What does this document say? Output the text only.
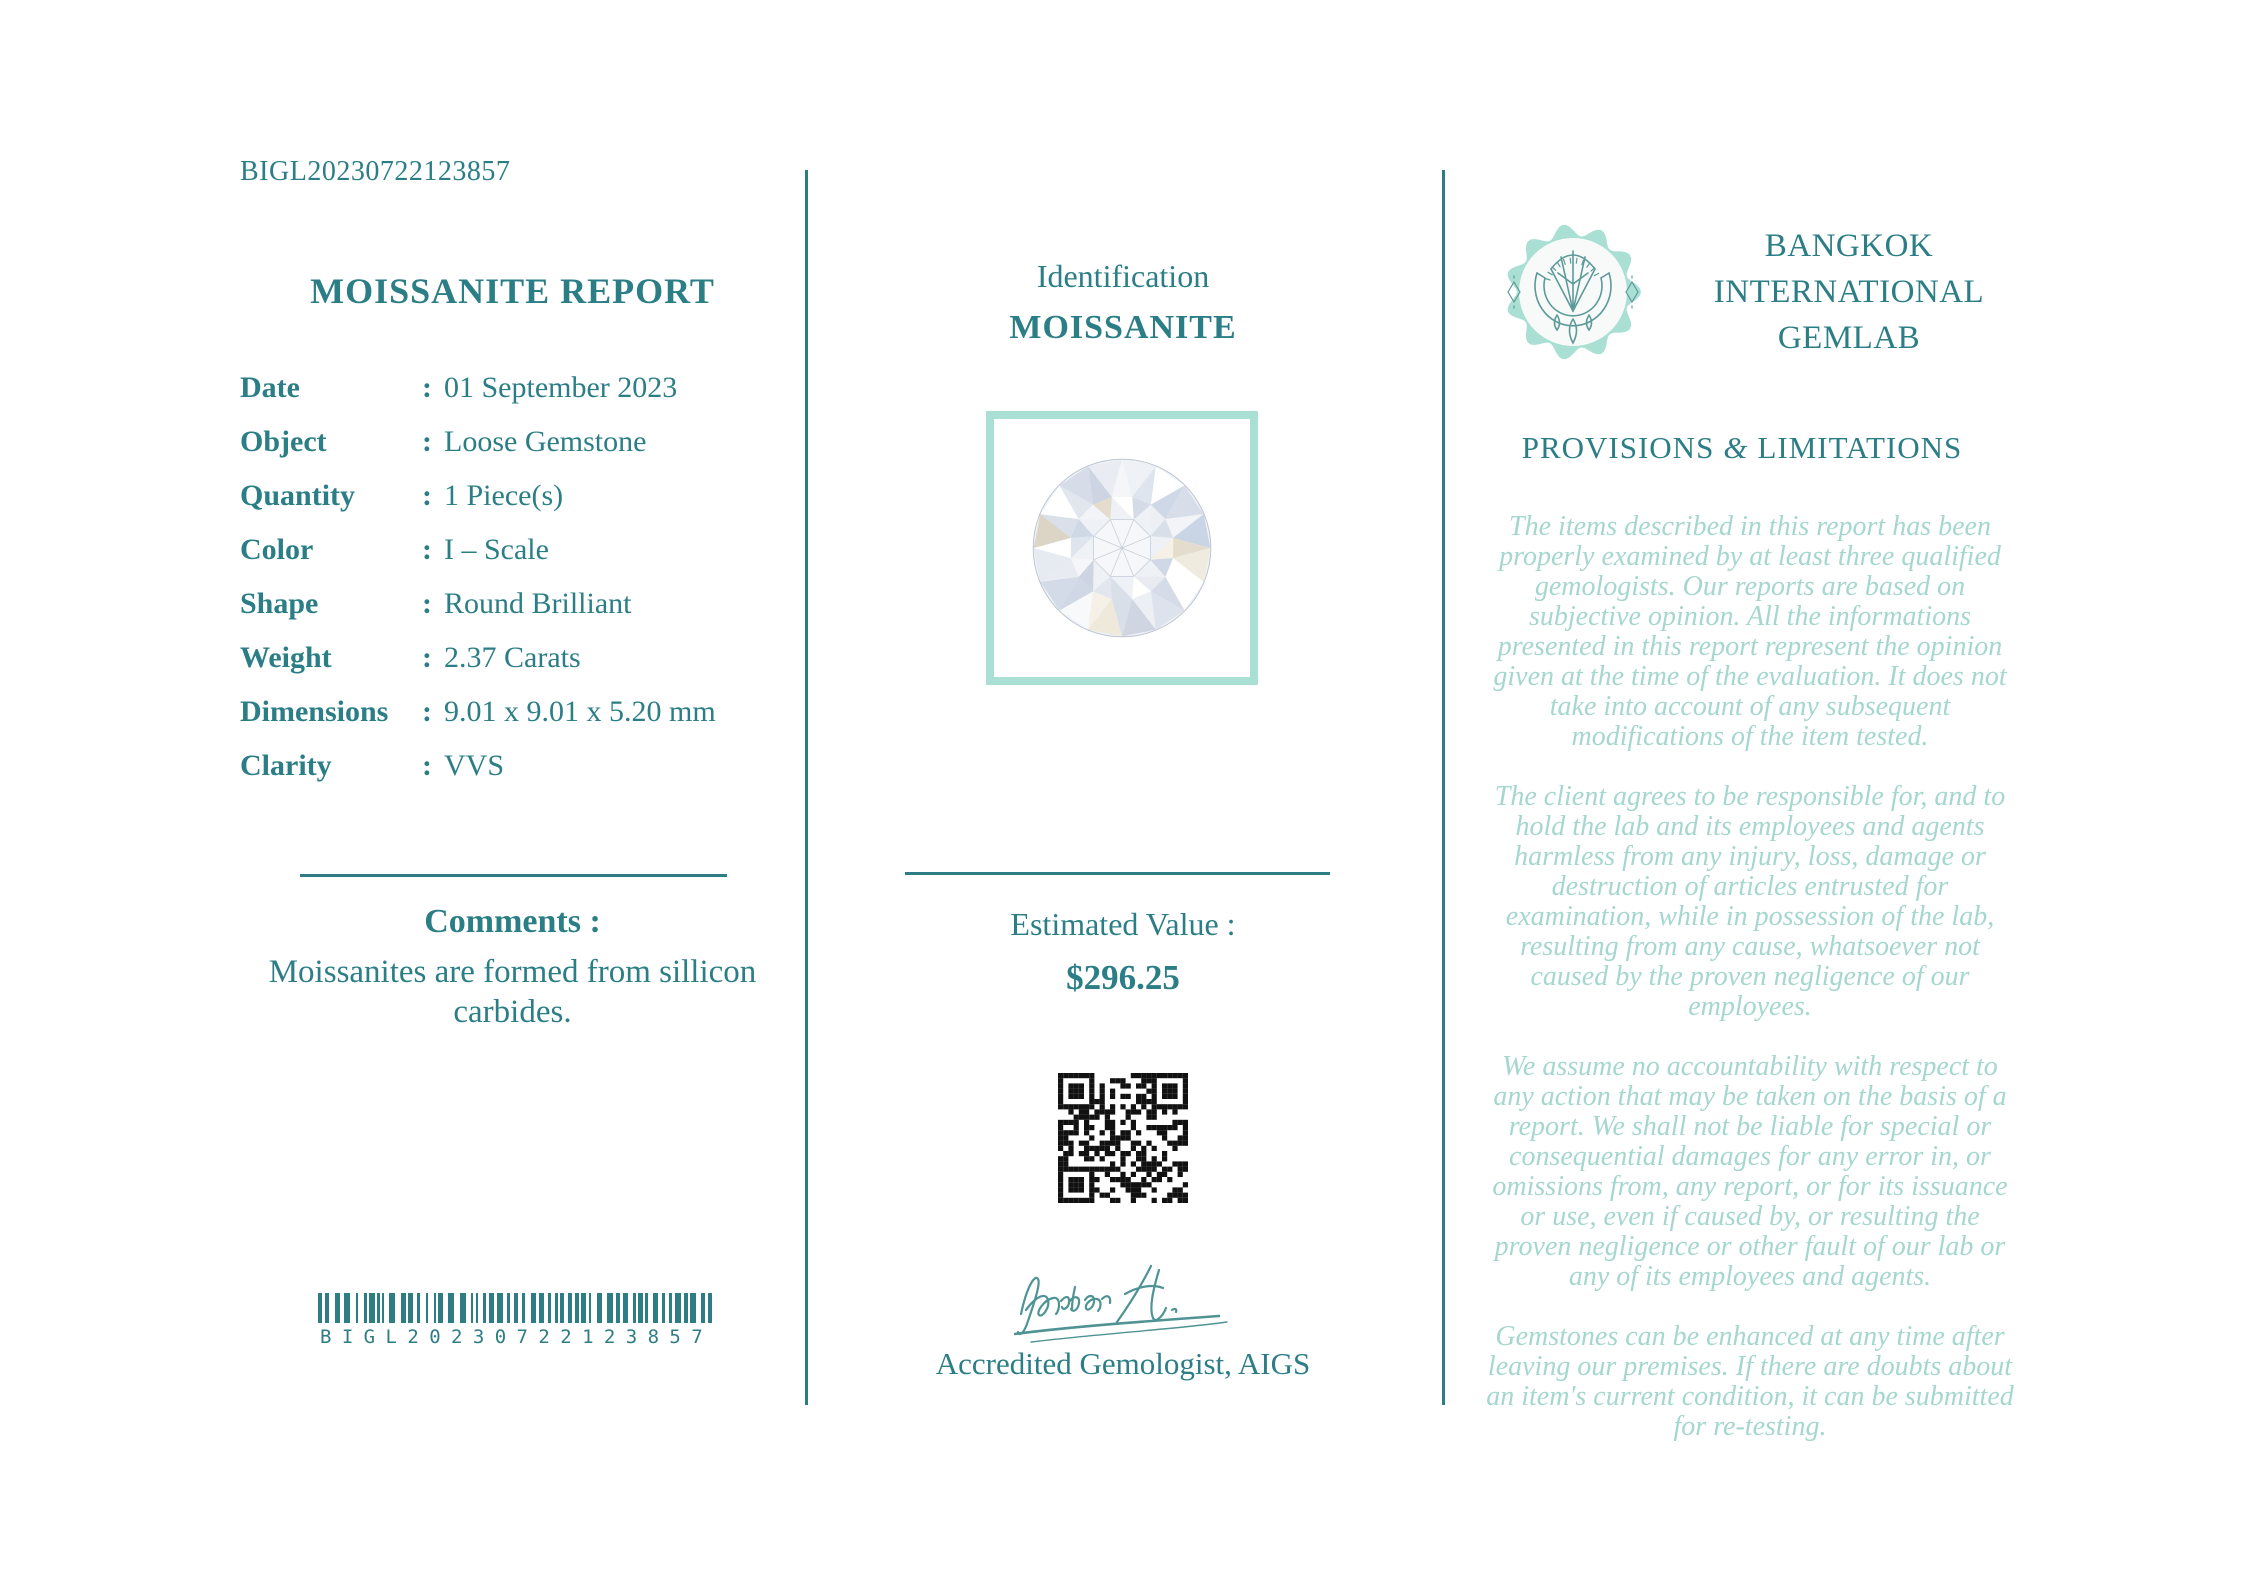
BIGL20230722123857
MOISSANITE REPORT
Date	: 01 September 2023
Object	: Loose Gemstone
Quantity	: 1 Piece(s)
Color	: I – Scale
Shape	: Round Brilliant
Weight	: 2.37 Carats
Dimensions	: 9.01 x 9.01 x 5.20 mm
Clarity	: VVS
Comments :
Moissanites are formed from sillicon carbides.
BIGL20230722123857
Identification
MOISSANITE
Estimated Value :
$296.25
Accredited Gemologist, AIGS
BANGKOK
INTERNATIONAL
GEMLAB
PROVISIONS & LIMITATIONS

The items described in this report has been properly examined by at least three qualified gemologists. Our reports are based on subjective opinion. All the informations presented in this report represent the opinion given at the time of the evaluation. It does not take into account of any subsequent modifications of the item tested.

The client agrees to be responsible for, and to hold the lab and its employees and agents harmless from any injury, loss, damage or destruction of articles entrusted for examination, while in possession of the lab, resulting from any cause, whatsoever not caused by the proven negligence of our employees.

We assume no accountability with respect to any action that may be taken on the basis of a report. We shall not be liable for special or consequential damages for any error in, or omissions from, any report, or for its issuance or use, even if caused by, or resulting the proven negligence or other fault of our lab or any of its employees and agents.

Gemstones can be enhanced at any time after leaving our premises. If there are doubts about an item's current condition, it can be submitted for re-testing.
